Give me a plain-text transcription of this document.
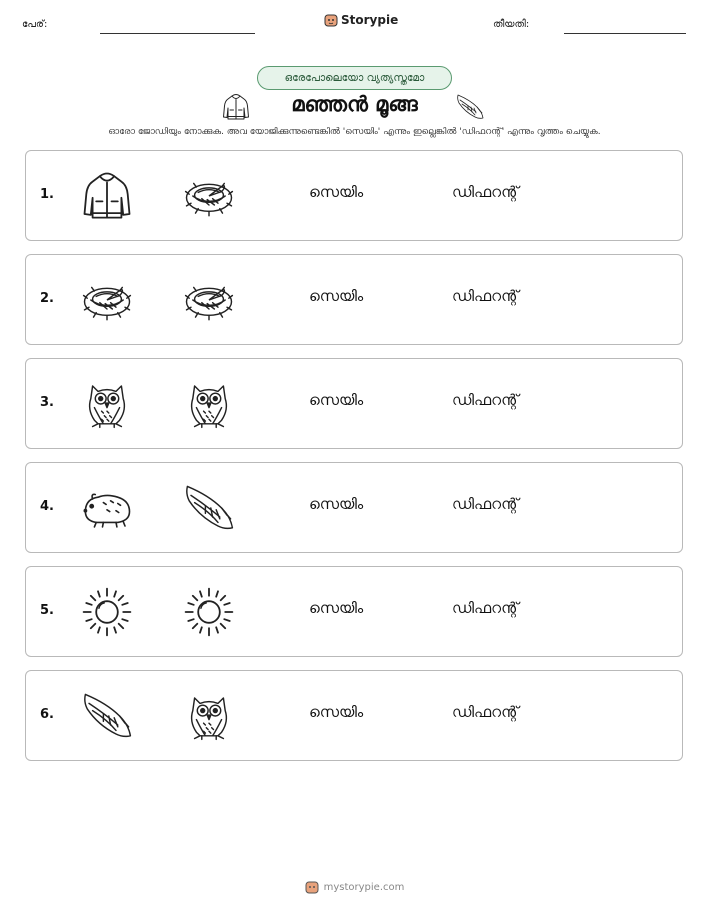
പേര്:	Storypie	തീയതി:
ഒരേപോലെയോ വ്യത്യസ്തമോ
മഞ്ഞൻ മൂങ്ങ
ഓരോ ജോഡിയും നോക്കുക. അവ യോജിക്കുന്നുണ്ടെങ്കിൽ 'സെയിം' എന്നും ഇല്ലെങ്കിൽ 'ഡിഫറന്റ്' എന്നും വൃത്തം ചെയ്യുക.
1.	സെയിം	ഡിഫറന്റ്
2.	സെയിം	ഡിഫറന്റ്
3.	സെയിം	ഡിഫറന്റ്
4.	സെയിം	ഡിഫറന്റ്
5.	സെയിം	ഡിഫറന്റ്
6.	സെയിം	ഡിഫറന്റ്
mystorypie.com
